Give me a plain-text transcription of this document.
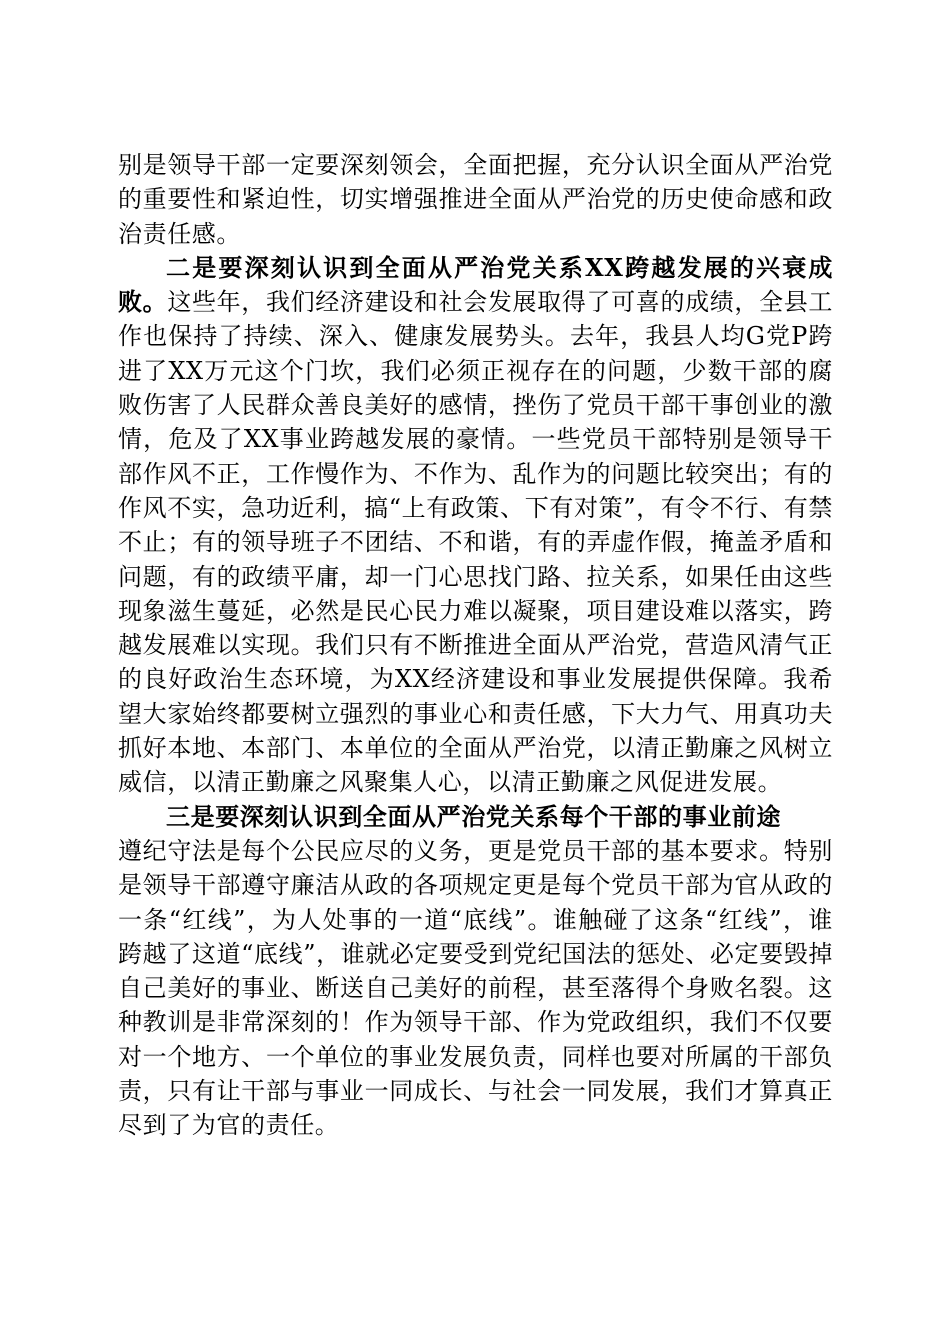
别是领导干部一定要深刻领会，全面把握，充分认识全面从严治党的重要性和紧迫性，切实增强推进全面从严治党的历史使命感和政治责任感。

二是要深刻认识到全面从严治党关系XX跨越发展的兴衰成败。这些年，我们经济建设和社会发展取得了可喜的成绩，全县工作也保持了持续、深入、健康发展势头。去年，我县人均G党P跨进了XX万元这个门坎，我们必须正视存在的问题，少数干部的腐败伤害了人民群众善良美好的感情，挫伤了党员干部干事创业的激情，危及了XX事业跨越发展的豪情。一些党员干部特别是领导干部作风不正，工作慢作为、不作为、乱作为的问题比较突出；有的作风不实，急功近利，搞“上有政策、下有对策”，有令不行、有禁不止；有的领导班子不团结、不和谐，有的弄虚作假，掩盖矛盾和问题，有的政绩平庸，却一门心思找门路、拉关系，如果任由这些现象滋生蔓延，必然是民心民力难以凝聚，项目建设难以落实，跨越发展难以实现。我们只有不断推进全面从严治党，营造风清气正的良好政治生态环境，为XX经济建设和事业发展提供保障。我希望大家始终都要树立强烈的事业心和责任感，下大力气、用真功夫抓好本地、本部门、本单位的全面从严治党，以清正勤廉之风树立威信，以清正勤廉之风聚集人心，以清正勤廉之风促进发展。

三是要深刻认识到全面从严治党关系每个干部的事业前途
遵纪守法是每个公民应尽的义务，更是党员干部的基本要求。特别是领导干部遵守廉洁从政的各项规定更是每个党员干部为官从政的一条“红线”，为人处事的一道“底线”。谁触碰了这条“红线”，谁跨越了这道“底线”，谁就必定要受到党纪国法的惩处、必定要毁掉自己美好的事业、断送自己美好的前程，甚至落得个身败名裂。这种教训是非常深刻的！作为领导干部、作为党政组织，我们不仅要对一个地方、一个单位的事业发展负责，同样也要对所属的干部负责，只有让干部与事业一同成长、与社会一同发展，我们才算真正尽到了为官的责任。
